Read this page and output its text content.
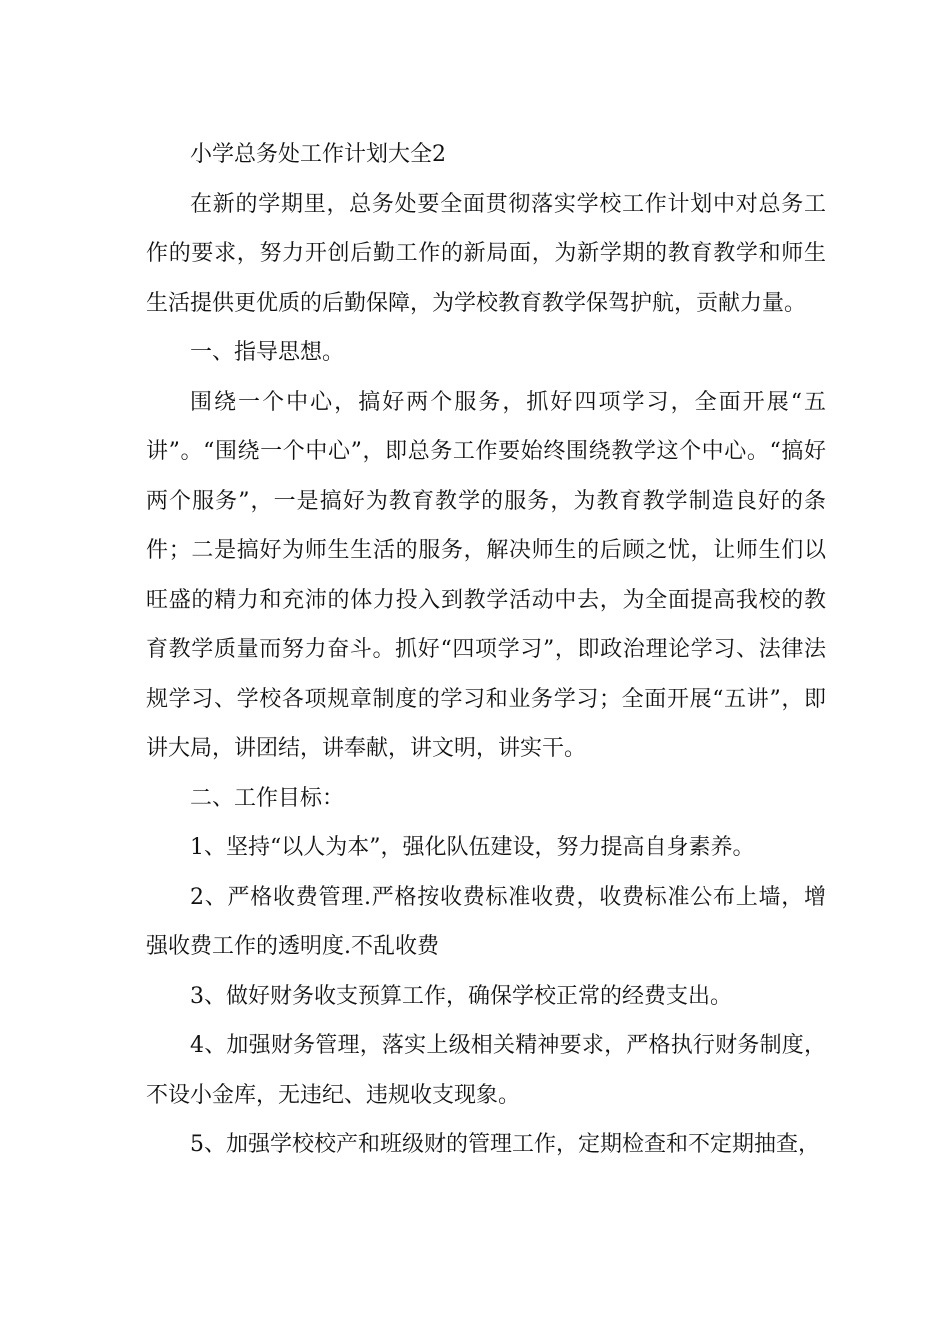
小学总务处工作计划大全2

在新的学期里，总务处要全面贯彻落实学校工作计划中对总务工作的要求，努力开创后勤工作的新局面，为新学期的教育教学和师生生活提供更优质的后勤保障，为学校教育教学保驾护航，贡献力量。

一、指导思想。

围绕一个中心，搞好两个服务，抓好四项学习，全面开展“五讲”。“围绕一个中心”，即总务工作要始终围绕教学这个中心。“搞好两个服务”，一是搞好为教育教学的服务，为教育教学制造良好的条件；二是搞好为师生生活的服务，解决师生的后顾之忧，让师生们以旺盛的精力和充沛的体力投入到教学活动中去，为全面提高我校的教育教学质量而努力奋斗。抓好“四项学习”，即政治理论学习、法律法规学习、学校各项规章制度的学习和业务学习；全面开展“五讲”，即讲大局，讲团结，讲奉献，讲文明，讲实干。

二、工作目标：

1、坚持“以人为本”，强化队伍建设，努力提高自身素养。

2、严格收费管理.严格按收费标准收费，收费标准公布上墙，增强收费工作的透明度.不乱收费

3、做好财务收支预算工作，确保学校正常的经费支出。

4、加强财务管理，落实上级相关精神要求，严格执行财务制度，不设小金库，无违纪、违规收支现象。

5、加强学校校产和班级财的管理工作，定期检查和不定期抽查，
